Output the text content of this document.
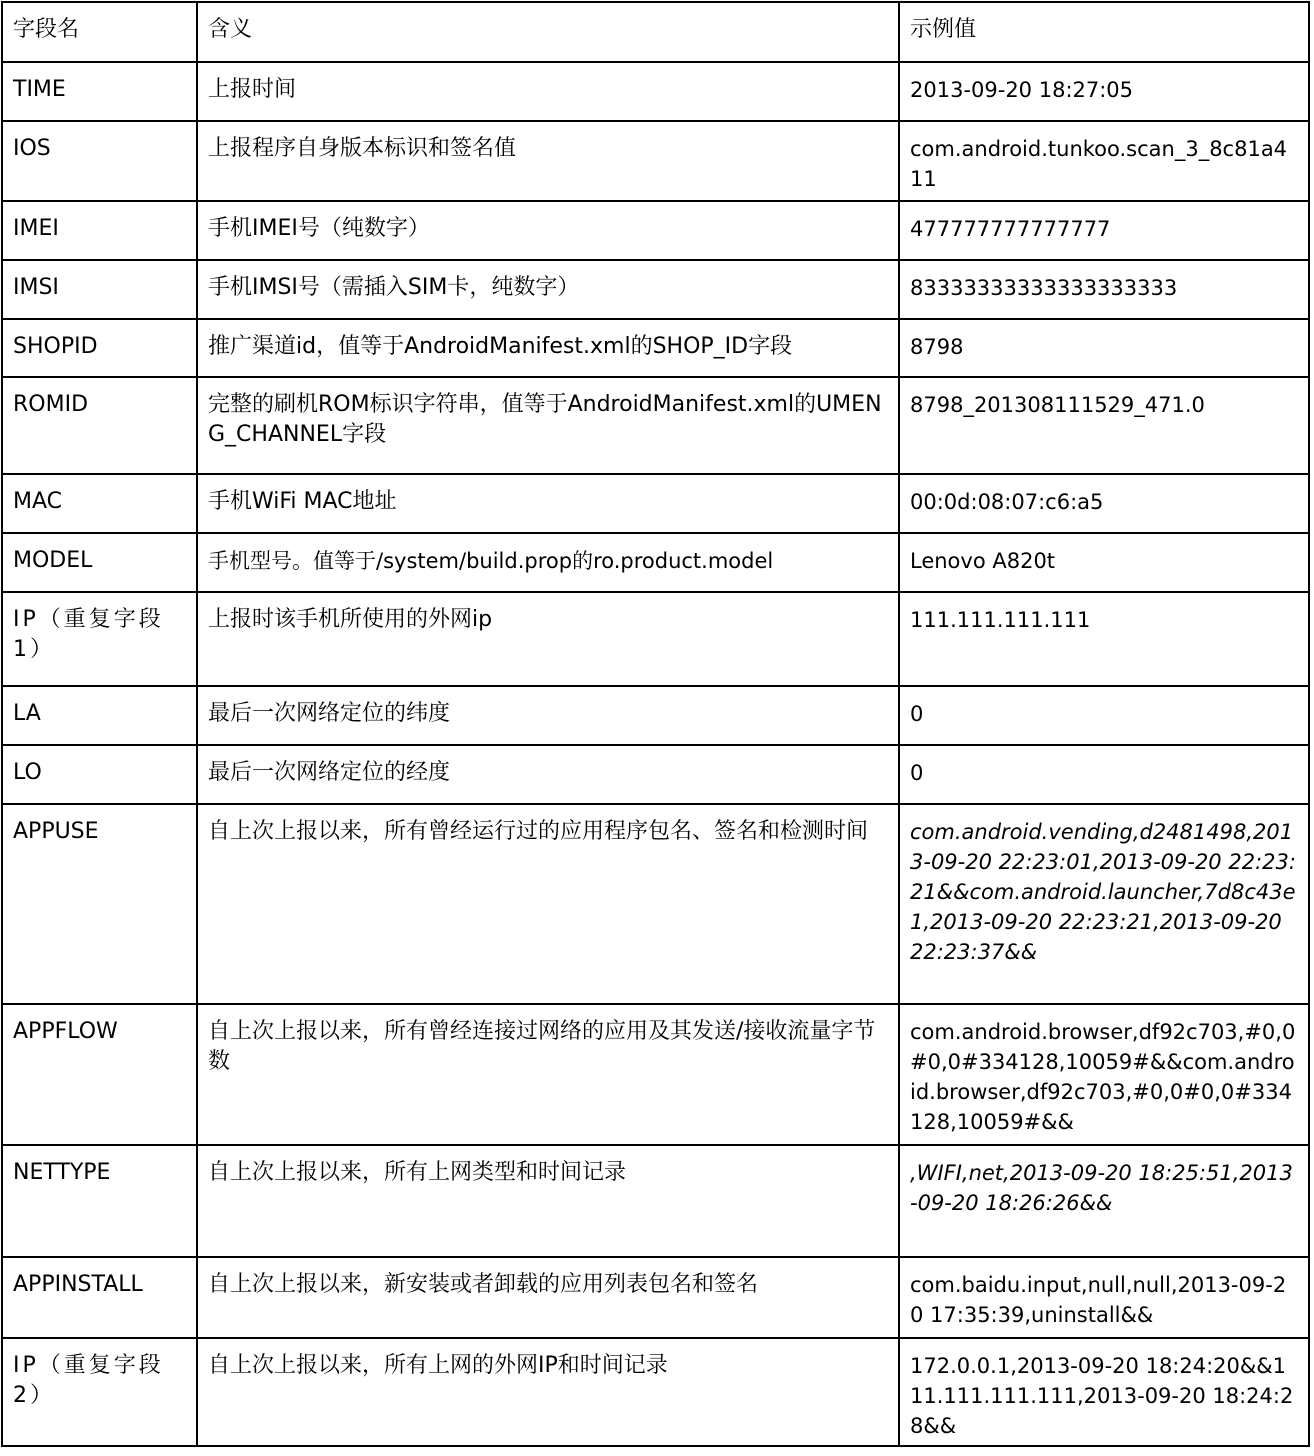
字段名	含义	示例值
TIME	上报时间	2013-09-20 18:27:05
IOS	上报程序自身版本标识和签名值	com.android.tunkoo.scan_3_8c81a411
IMEI	手机IMEI号（纯数字）	477777777777777
IMSI	手机IMSI号（需插入SIM卡，纯数字）	83333333333333333333
SHOPID	推广渠道id，值等于AndroidManifest.xml的SHOP_ID字段	8798
ROMID	完整的刷机ROM标识字符串，值等于AndroidManifest.xml的UMENG_CHANNEL字段	8798_201308111529_471.0
MAC	手机WiFi MAC地址	00:0d:08:07:c6:a5
MODEL	手机型号。值等于/system/build.prop的ro.product.model	Lenovo A820t
IP（重复字段1）	上报时该手机所使用的外网ip	111.111.111.111
LA	最后一次网络定位的纬度	0
LO	最后一次网络定位的经度	0
APPUSE	自上次上报以来，所有曾经运行过的应用程序包名、签名和检测时间	com.android.vending,d2481498,2013-09-20 22:23:01,2013-09-20 22:23:21&&com.android.launcher,7d8c43e1,2013-09-20 22:23:21,2013-09-20 22:23:37&&
APPFLOW	自上次上报以来，所有曾经连接过网络的应用及其发送/接收流量字节数	com.android.browser,df92c703,#0,0#0,0#334128,10059#&&com.android.browser,df92c703,#0,0#0,0#334128,10059#&&
NETTYPE	自上次上报以来，所有上网类型和时间记录	,WIFI,net,2013-09-20 18:25:51,2013-09-20 18:26:26&&
APPINSTALL	自上次上报以来，新安装或者卸载的应用列表包名和签名	com.baidu.input,null,null,2013-09-20 17:35:39,uninstall&&
IP（重复字段2）	自上次上报以来，所有上网的外网IP和时间记录	172.0.0.1,2013-09-20 18:24:20&&111.111.111.111,2013-09-20 18:24:28&&
